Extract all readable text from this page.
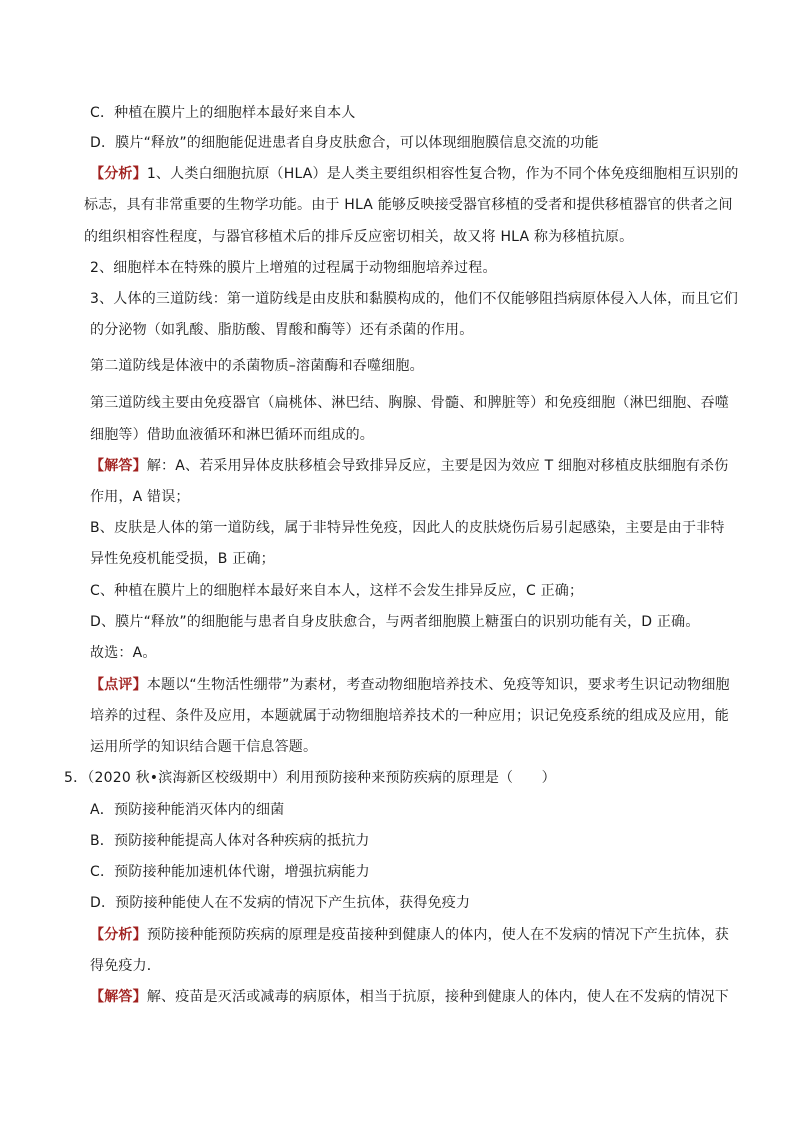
C．种植在膜片上的细胞样本最好来自本人
D．膜片“释放”的细胞能促进患者自身皮肤愈合，可以体现细胞膜信息交流的功能
【分析】1、人类白细胞抗原（HLA）是人类主要组织相容性复合物，作为不同个体免疫细胞相互识别的
标志，具有非常重要的生物学功能。由于 HLA 能够反映接受器官移植的受者和提供移植器官的供者之间
的组织相容性程度，与器官移植术后的排斥反应密切相关，故又将 HLA 称为移植抗原。
2、细胞样本在特殊的膜片上增殖的过程属于动物细胞培养过程。
3、人体的三道防线：第一道防线是由皮肤和黏膜构成的，他们不仅能够阻挡病原体侵入人体，而且它们
的分泌物（如乳酸、脂肪酸、胃酸和酶等）还有杀菌的作用。
第二道防线是体液中的杀菌物质–溶菌酶和吞噬细胞。
第三道防线主要由免疫器官（扁桃体、淋巴结、胸腺、骨髓、和脾脏等）和免疫细胞（淋巴细胞、吞噬
细胞等）借助血液循环和淋巴循环而组成的。
【解答】解：A、若采用异体皮肤移植会导致排异反应，主要是因为效应 T 细胞对移植皮肤细胞有杀伤
作用，A 错误；
B、皮肤是人体的第一道防线，属于非特异性免疫，因此人的皮肤烧伤后易引起感染，主要是由于非特
异性免疫机能受损，B 正确；
C、种植在膜片上的细胞样本最好来自本人，这样不会发生排异反应，C 正确；
D、膜片“释放”的细胞能与患者自身皮肤愈合，与两者细胞膜上糖蛋白的识别功能有关，D 正确。
故选：A。
【点评】本题以“生物活性绷带”为素材，考查动物细胞培养技术、免疫等知识，要求考生识记动物细胞
培养的过程、条件及应用，本题就属于动物细胞培养技术的一种应用；识记免疫系统的组成及应用，能
运用所学的知识结合题干信息答题。
5．（2020 秋•滨海新区校级期中）利用预防接种来预防疾病的原理是（　　）
A．预防接种能消灭体内的细菌
B．预防接种能提高人体对各种疾病的抵抗力
C．预防接种能加速机体代谢，增强抗病能力
D．预防接种能使人在不发病的情况下产生抗体，获得免疫力
【分析】预防接种能预防疾病的原理是疫苗接种到健康人的体内，使人在不发病的情况下产生抗体，获
得免疫力．
【解答】解、疫苗是灭活或减毒的病原体，相当于抗原，接种到健康人的体内，使人在不发病的情况下
